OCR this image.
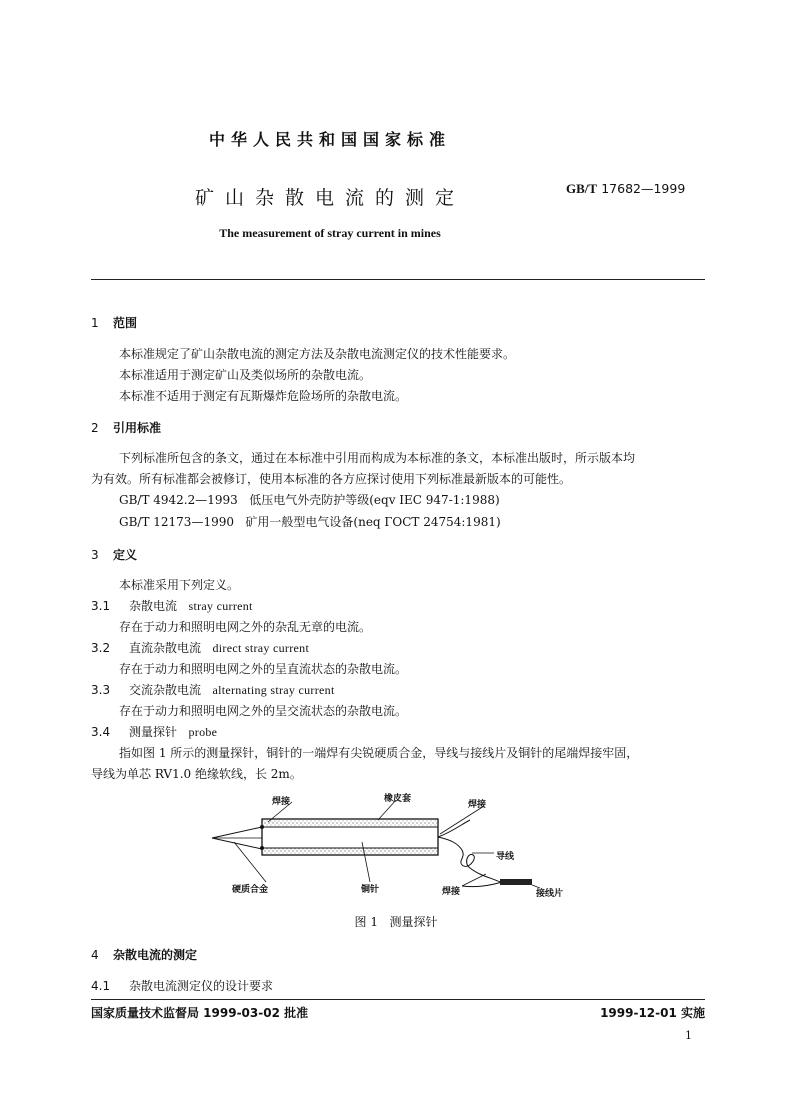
中华人民共和国国家标准
矿山杂散电流的测定	GB/T 17682—1999
The measurement of stray current in mines
1 范围
本标准规定了矿山杂散电流的测定方法及杂散电流测定仪的技术性能要求。
本标准适用于测定矿山及类似场所的杂散电流。
本标准不适用于测定有瓦斯爆炸危险场所的杂散电流。
2 引用标准
下列标准所包含的条文，通过在本标准中引用而构成为本标准的条文，本标准出版时，所示版本均
为有效。所有标准都会被修订，使用本标准的各方应探讨使用下列标准最新版本的可能性。
GB/T 4942.2—1993   低压电气外壳防护等级(eqv IEC 947-1:1988)
GB/T 12173—1990   矿用一般型电气设备(neq ГОСТ 24754:1981)
3 定义
本标准采用下列定义。
3.1 杂散电流 stray current
存在于动力和照明电网之外的杂乱无章的电流。
3.2 直流杂散电流 direct stray current
存在于动力和照明电网之外的呈直流状态的杂散电流。
3.3 交流杂散电流 alternating stray current
存在于动力和照明电网之外的呈交流状态的杂散电流。
3.4 测量探针 probe
指如图 1 所示的测量探针，铜针的一端焊有尖锐硬质合金，导线与接线片及铜针的尾端焊接牢固，
导线为单芯 RV1.0 绝缘软线，长 2m。
焊接	橡皮套
焊接
导线
硬质合金	铜针	焊接	接线片
图 1   测量探针
4 杂散电流的测定
4.1 杂散电流测定仪的设计要求
国家质量技术监督局 1999-03-02 批准	1999-12-01 实施
1
